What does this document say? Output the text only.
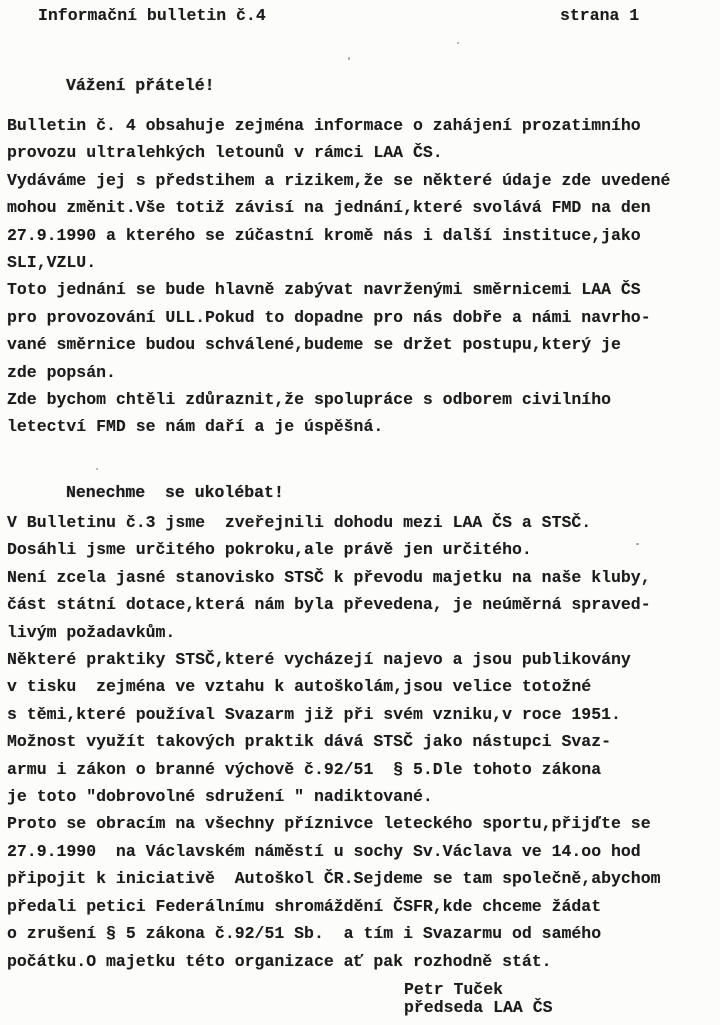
Informační bulletin č.4	strana 1
Vážení přátelé!
Bulletin č. 4 obsahuje zejména informace o zahájení prozatimního
provozu ultralehkých letounů v rámci LAA ČS.
Vydáváme jej s předstihem a rizikem,že se některé údaje zde uvedené
mohou změnit.Vše totiž závisí na jednání,které svolává FMD na den
27.9.1990 a kterého se zúčastní kromě nás i další instituce,jako
SLI,VZLU.
Toto jednání se bude hlavně zabývat navrženými směrnicemi LAA ČS
pro provozování ULL.Pokud to dopadne pro nás dobře a námi navrho-
vané směrnice budou schválené,budeme se držet postupu,který je
zde popsán.
Zde bychom chtěli zdůraznit,že spolupráce s odborem civilního
letectví FMD se nám daří a je úspěšná.
Nenechme  se ukolébat!
V Bulletinu č.3 jsme  zveřejnili dohodu mezi LAA ČS a STSČ.
Dosáhli jsme určitého pokroku,ale právě jen určitého.
Není zcela jasné stanovisko STSČ k převodu majetku na naše kluby,
část státní dotace,která nám byla převedena, je neúměrná spraved-
livým požadavkům.
Některé praktiky STSČ,které vycházejí najevo a jsou publikovány
v tisku  zejména ve vztahu k autoškolám,jsou velice totožné
s těmi,které používal Svazarm již při svém vzniku,v roce 1951.
Možnost využít takových praktik dává STSČ jako nástupci Svaz-
armu i zákon o branné výchově č.92/51  § 5.Dle tohoto zákona
je toto "dobrovolné sdružení " nadiktované.
Proto se obracím na všechny příznivce leteckého sportu,přijďte se
27.9.1990  na Václavském náměstí u sochy Sv.Václava ve 14.oo hod
připojit k iniciativě  Autoškol ČR.Sejdeme se tam společně,abychom
předali petici Federálnímu shromáždění ČSFR,kde chceme žádat
o zrušení § 5 zákona č.92/51 Sb.  a tím i Svazarmu od samého
počátku.O majetku této organizace ať pak rozhodně stát.
Petr Tuček
předseda LAA ČS
